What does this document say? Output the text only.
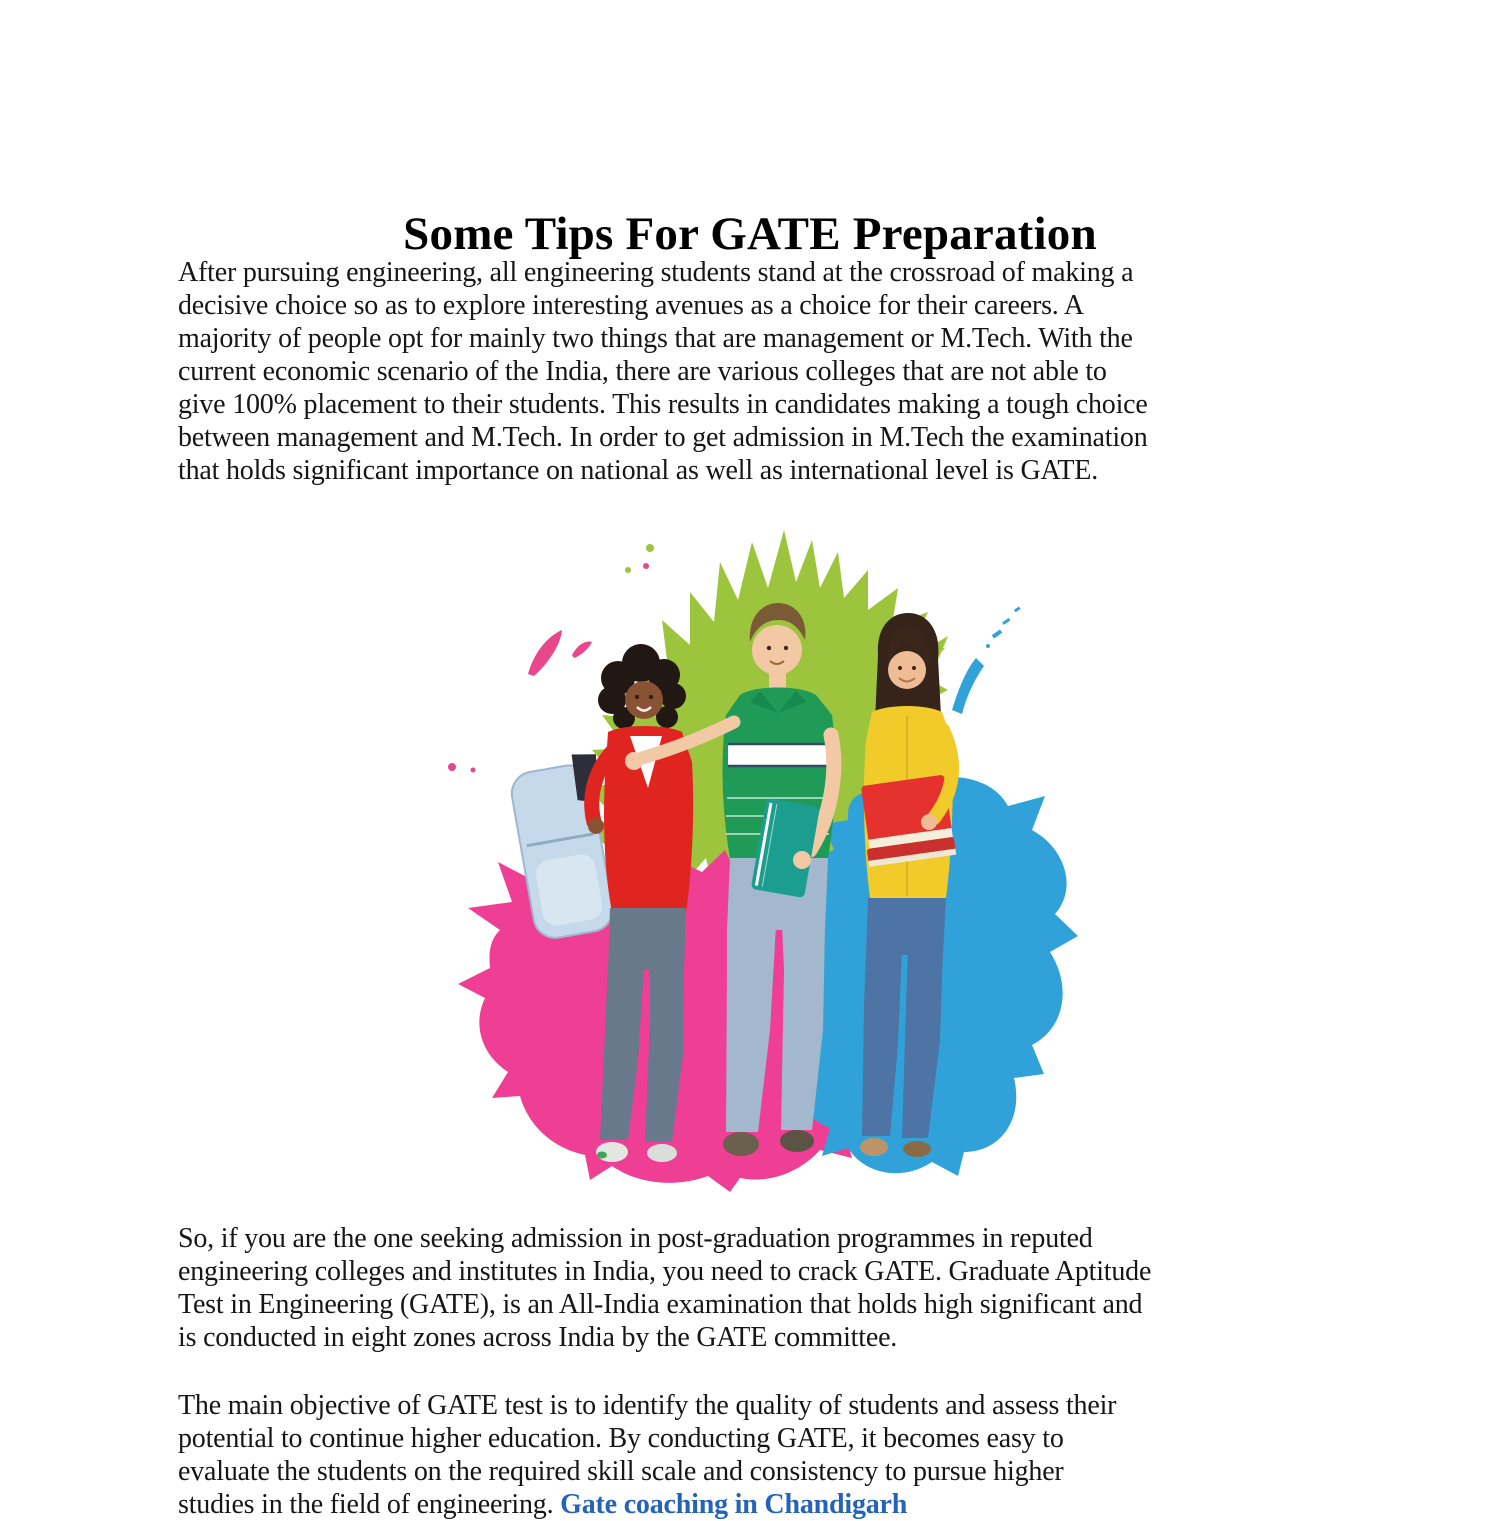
Some Tips For GATE Preparation
After pursuing engineering, all engineering students stand at the crossroad of making a
decisive choice so as to explore interesting avenues as a choice for their careers. A
majority of people opt for mainly two things that are management or M.Tech. With the
current economic scenario of the India, there are various colleges that are not able to
give 100% placement to their students. This results in candidates making a tough choice
between management and M.Tech. In order to get admission in M.Tech the examination
that holds significant importance on national as well as international level is GATE.
So, if you are the one seeking admission in post-graduation programmes in reputed
engineering colleges and institutes in India, you need to crack GATE. Graduate Aptitude
Test in Engineering (GATE), is an All-India examination that holds high significant and
is conducted in eight zones across India by the GATE committee.
The main objective of GATE test is to identify the quality of students and assess their
potential to continue higher education. By conducting GATE, it becomes easy to
evaluate the students on the required skill scale and consistency to pursue higher
studies in the field of engineering. Gate coaching in Chandigarh
